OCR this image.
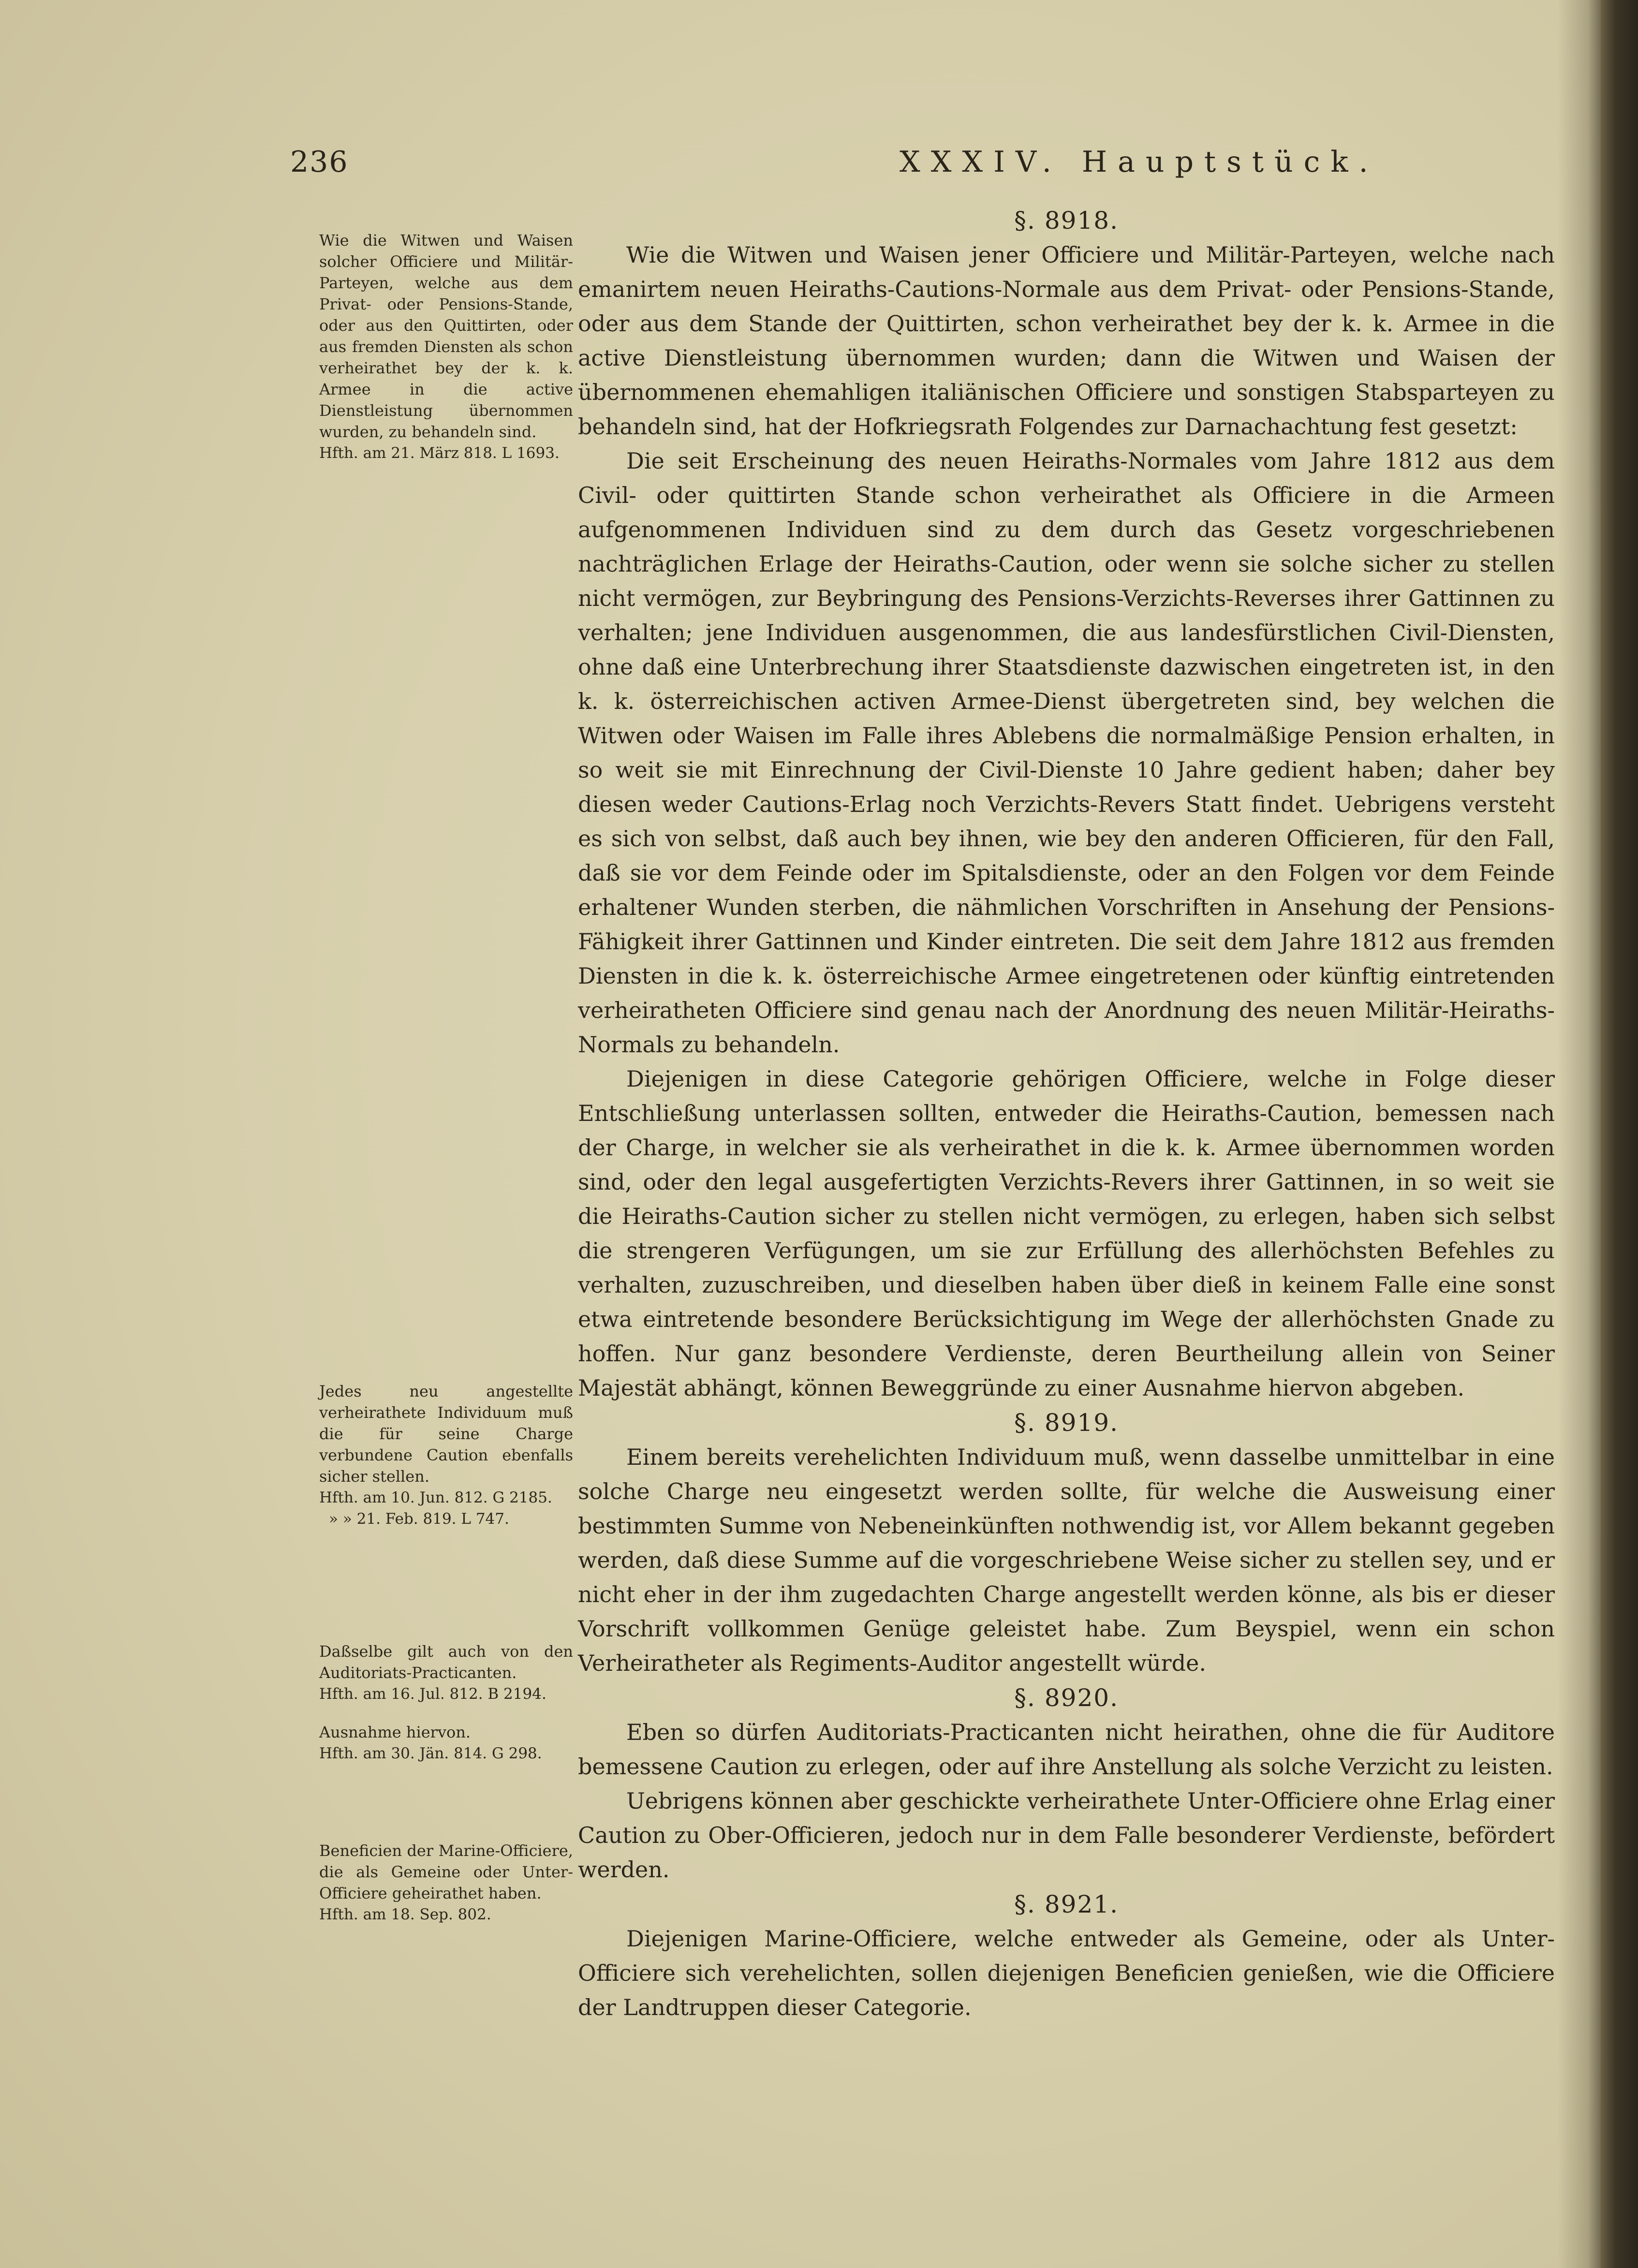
236	XXXIV. Hauptstück.

Wie die Witwen und Waisen solcher Officiere und Militär-Parteyen, welche aus dem Privat- oder Pensions-Stande, oder aus den Quittirten, oder aus fremden Diensten als schon verheirathet bey der k. k. Armee in die active Dienstleistung übernommen wurden, zu behandeln sind.

Hfth. am 21. März 818. L 1693.

Jedes neu angestellte verheirathete Individuum muß die für seine Charge verbundene Caution ebenfalls sicher stellen.

Hfth. am 10. Jun. 812. G 2185.

» » 21. Feb. 819. L 747.

Daßselbe gilt auch von den Auditoriats-Practicanten.

Hfth. am 16. Jul. 812. B 2194.

Ausnahme hiervon.

Hfth. am 30. Jän. 814. G 298.

Beneficien der Marine-Officiere, die als Gemeine oder Unter-Officiere geheirathet haben.

Hfth. am 18. Sep. 802.

§. 8918.

Wie die Witwen und Waisen jener Officiere und Militär-Parteyen, welche nach emanirtem neuen Heiraths-Cautions-Normale aus dem Privat- oder Pensions-Stande, oder aus dem Stande der Quittirten, schon verheirathet bey der k. k. Armee in die active Dienstleistung übernommen wurden; dann die Witwen und Waisen der übernommenen ehemahligen italiänischen Officiere und sonstigen Stabsparteyen zu behandeln sind, hat der Hofkriegsrath Folgendes zur Darnachachtung fest gesetzt:

Die seit Erscheinung des neuen Heiraths-Normales vom Jahre 1812 aus dem Civil- oder quittirten Stande schon verheirathet als Officiere in die Armeen aufgenommenen Individuen sind zu dem durch das Gesetz vorgeschriebenen nachträglichen Erlage der Heiraths-Caution, oder wenn sie solche sicher zu stellen nicht vermögen, zur Beybringung des Pensions-Verzichts-Reverses ihrer Gattinnen zu verhalten; jene Individuen ausgenommen, die aus landesfürstlichen Civil-Diensten, ohne daß eine Unterbrechung ihrer Staatsdienste dazwischen eingetreten ist, in den k. k. österreichischen activen Armee-Dienst übergetreten sind, bey welchen die Witwen oder Waisen im Falle ihres Ablebens die normalmäßige Pension erhalten, in so weit sie mit Einrechnung der Civil-Dienste 10 Jahre gedient haben; daher bey diesen weder Cautions-Erlag noch Verzichts-Revers Statt findet. Uebrigens versteht es sich von selbst, daß auch bey ihnen, wie bey den anderen Officieren, für den Fall, daß sie vor dem Feinde oder im Spitalsdienste, oder an den Folgen vor dem Feinde erhaltener Wunden sterben, die nähmlichen Vorschriften in Ansehung der Pensions-Fähigkeit ihrer Gattinnen und Kinder eintreten. Die seit dem Jahre 1812 aus fremden Diensten in die k. k. österreichische Armee eingetretenen oder künftig eintretenden verheiratheten Officiere sind genau nach der Anordnung des neuen Militär-Heiraths-Normals zu behandeln.

Diejenigen in diese Categorie gehörigen Officiere, welche in Folge dieser Entschließung unterlassen sollten, entweder die Heiraths-Caution, bemessen nach der Charge, in welcher sie als verheirathet in die k. k. Armee übernommen worden sind, oder den legal ausgefertigten Verzichts-Revers ihrer Gattinnen, in so weit sie die Heiraths-Caution sicher zu stellen nicht vermögen, zu erlegen, haben sich selbst die strengeren Verfügungen, um sie zur Erfüllung des allerhöchsten Befehles zu verhalten, zuzuschreiben, und dieselben haben über dieß in keinem Falle eine sonst etwa eintretende besondere Berücksichtigung im Wege der allerhöchsten Gnade zu hoffen. Nur ganz besondere Verdienste, deren Beurtheilung allein von Seiner Majestät abhängt, können Beweggründe zu einer Ausnahme hiervon abgeben.

§. 8919.

Einem bereits verehelichten Individuum muß, wenn dasselbe unmittelbar in eine solche Charge neu eingesetzt werden sollte, für welche die Ausweisung einer bestimmten Summe von Nebeneinkünften nothwendig ist, vor Allem bekannt gegeben werden, daß diese Summe auf die vorgeschriebene Weise sicher zu stellen sey, und er nicht eher in der ihm zugedachten Charge angestellt werden könne, als bis er dieser Vorschrift vollkommen Genüge geleistet habe. Zum Beyspiel, wenn ein schon Verheiratheter als Regiments-Auditor angestellt würde.

§. 8920.

Eben so dürfen Auditoriats-Practicanten nicht heirathen, ohne die für Auditore bemessene Caution zu erlegen, oder auf ihre Anstellung als solche Verzicht zu leisten.

Uebrigens können aber geschickte verheirathete Unter-Officiere ohne Erlag einer Caution zu Ober-Officieren, jedoch nur in dem Falle besonderer Verdienste, befördert werden.

§. 8921.

Diejenigen Marine-Officiere, welche entweder als Gemeine, oder als Unter-Officiere sich verehelichten, sollen diejenigen Beneficien genießen, wie die Officiere der Landtruppen dieser Categorie.
